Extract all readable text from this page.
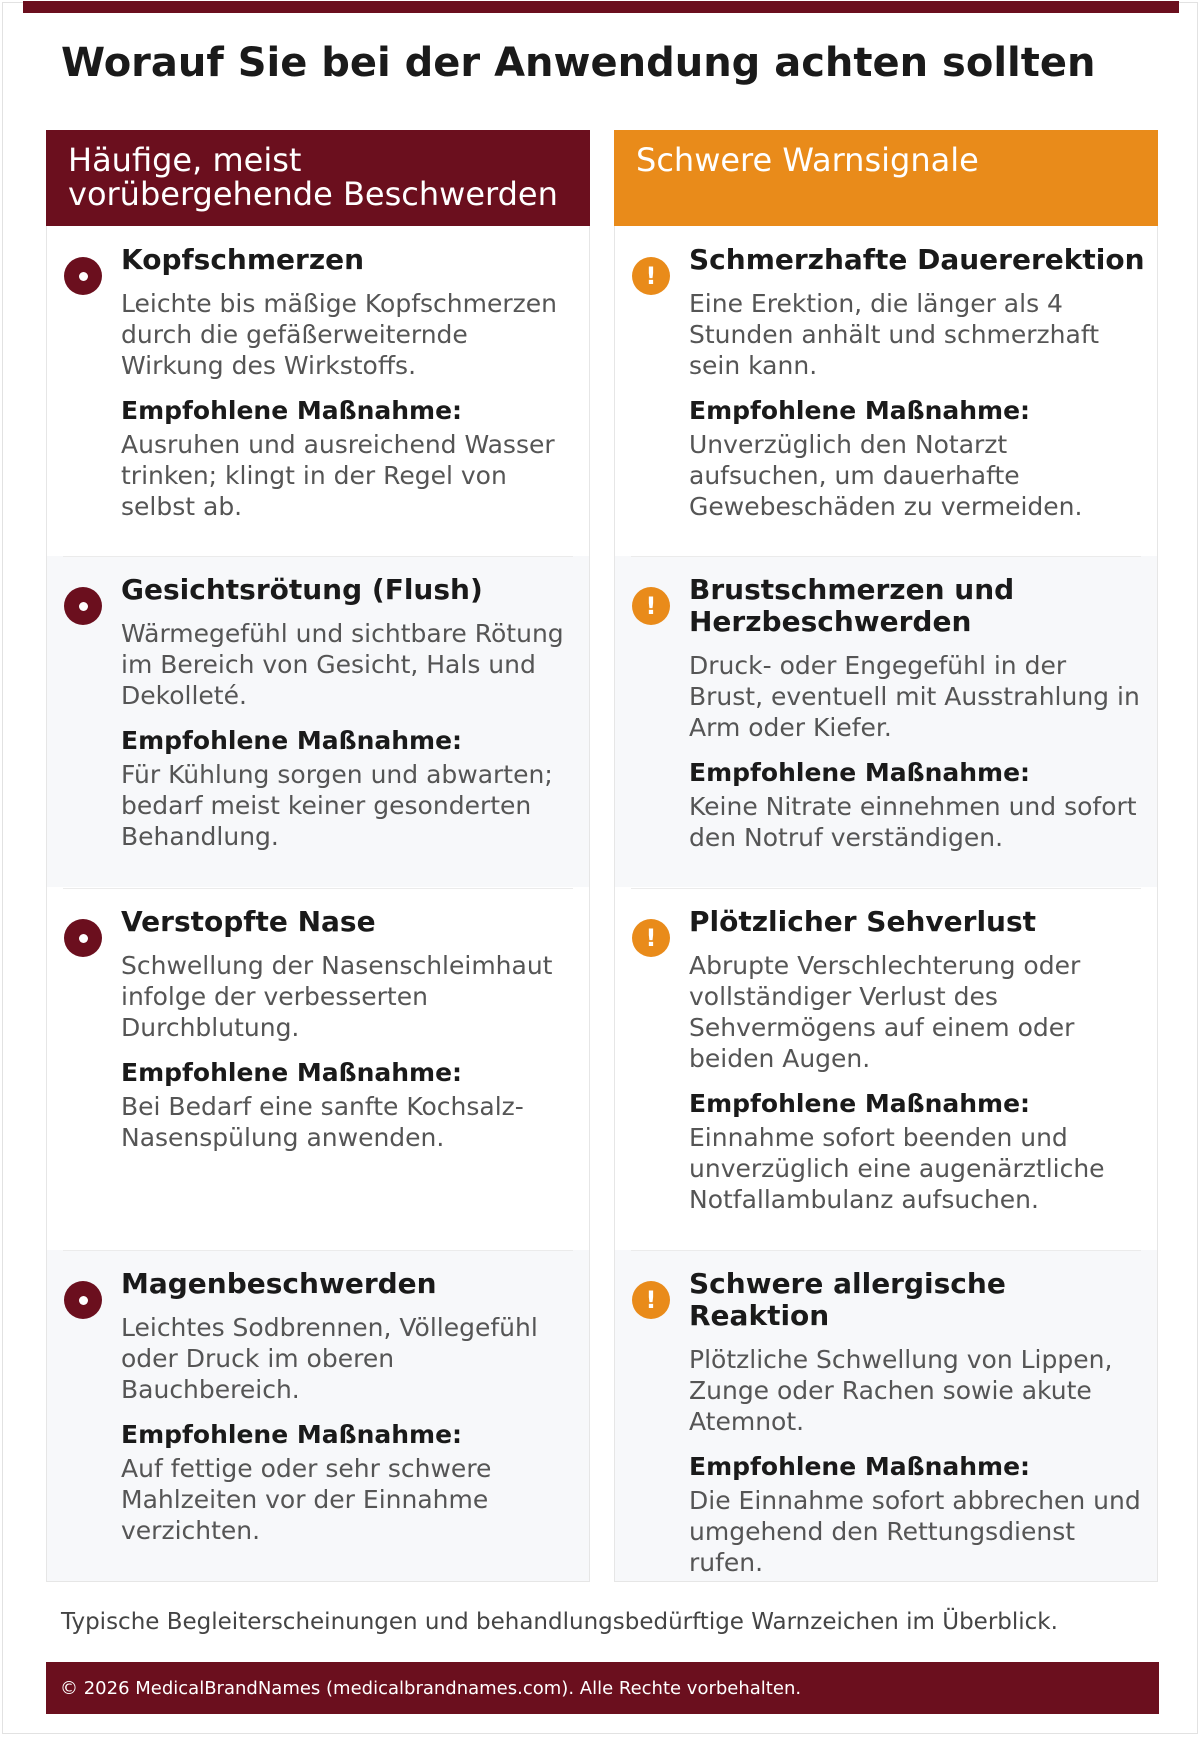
Worauf Sie bei der Anwendung achten sollten
Häufige, meist vorübergehende Beschwerden

Kopfschmerzen

Leichte bis mäßige Kopfschmerzen durch die gefäßerweiternde Wirkung des Wirkstoffs.

Empfohlene Maßnahme:

Ausruhen und ausreichend Wasser trinken; klingt in der Regel von selbst ab.

Gesichtsrötung (Flush)

Wärmegefühl und sichtbare Rötung im Bereich von Gesicht, Hals und Dekolleté.

Empfohlene Maßnahme:

Für Kühlung sorgen und abwarten; bedarf meist keiner gesonderten Behandlung.

Verstopfte Nase

Schwellung der Nasenschleimhaut infolge der verbesserten Durchblutung.

Empfohlene Maßnahme:

Bei Bedarf eine sanfte Kochsalz-Nasenspülung anwenden.

Magenbeschwerden

Leichtes Sodbrennen, Völlegefühl oder Druck im oberen Bauchbereich.

Empfohlene Maßnahme:

Auf fettige oder sehr schwere Mahlzeiten vor der Einnahme verzichten.

Schwere Warnsignale
!	Schmerzhafte Dauererektion

Eine Erektion, die länger als 4 Stunden anhält und schmerzhaft sein kann.

Empfohlene Maßnahme:

Unverzüglich den Notarzt aufsuchen, um dauerhafte Gewebeschäden zu vermeiden.

!	Brustschmerzen und Herzbeschwerden

Druck- oder Engegefühl in der Brust, eventuell mit Ausstrahlung in Arm oder Kiefer.

Empfohlene Maßnahme:

Keine Nitrate einnehmen und sofort den Notruf verständigen.

!	Plötzlicher Sehverlust

Abrupte Verschlechterung oder vollständiger Verlust des Sehvermögens auf einem oder beiden Augen.

Empfohlene Maßnahme:

Einnahme sofort beenden und unverzüglich eine augenärztliche Notfallambulanz aufsuchen.

!	Schwere allergische Reaktion

Plötzliche Schwellung von Lippen, Zunge oder Rachen sowie akute Atemnot.

Empfohlene Maßnahme:

Die Einnahme sofort abbrechen und umgehend den Rettungsdienst rufen.

Typische Begleiterscheinungen und behandlungsbedürftige Warnzeichen im Überblick.

© 2026 MedicalBrandNames (medicalbrandnames.com). Alle Rechte vorbehalten.
